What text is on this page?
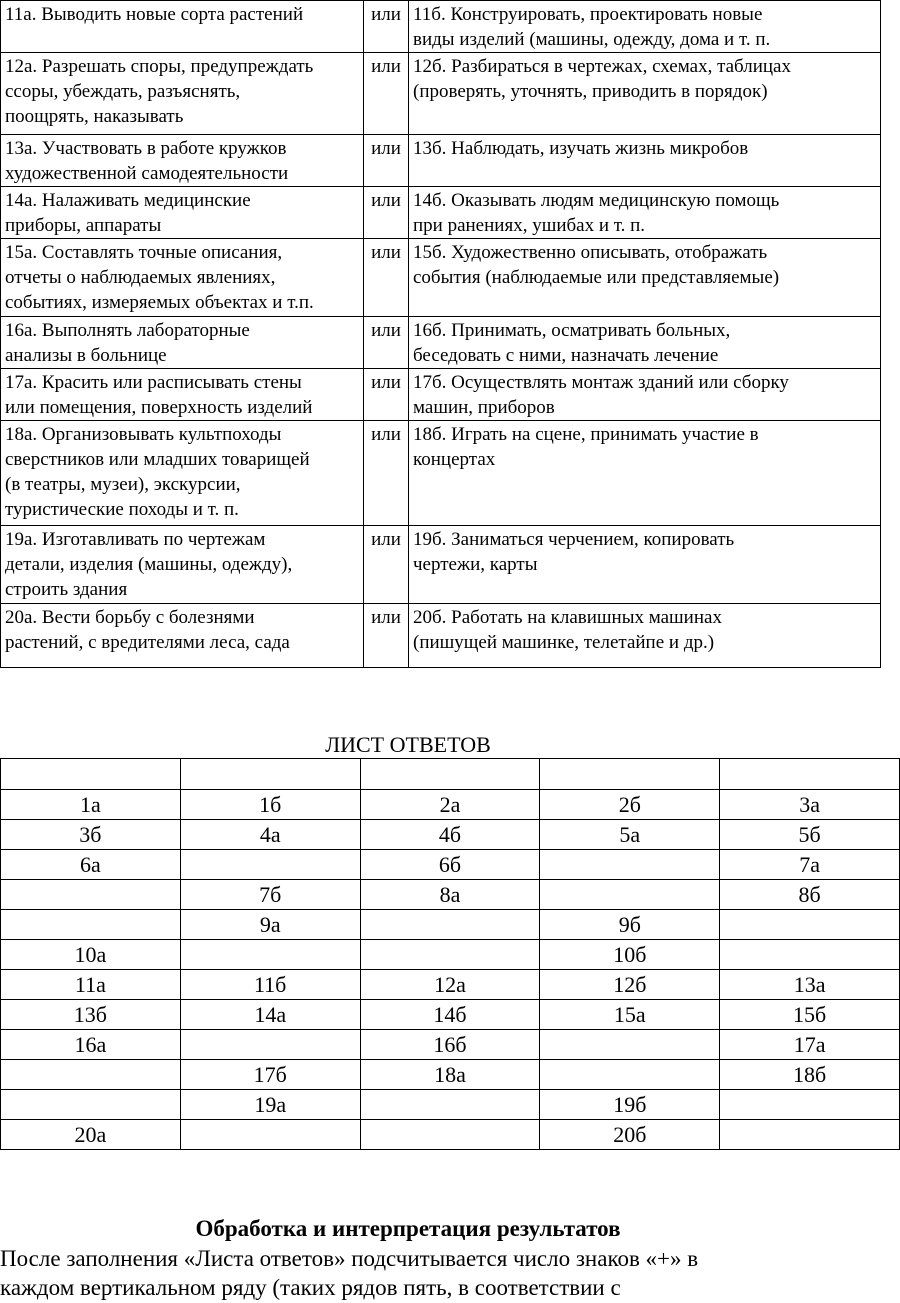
11а. Выводить новые сорта растений	или	11б. Конструировать, проектировать новые
виды изделий (машины, одежду, дома и т. п.

12а. Разрешать споры, предупреждать
ссоры, убеждать, разъяснять,
поощрять, наказывать	или	12б. Разбираться в чертежах, схемах, таблицах
(проверять, уточнять, приводить в порядок)

13а. Участвовать в работе кружков
художественной самодеятельности	или	13б. Наблюдать, изучать жизнь микробов

14а. Налаживать медицинские
приборы, аппараты	или	14б. Оказывать людям медицинскую помощь
при ранениях, ушибах и т. п.

15а. Составлять точные описания,
отчеты о наблюдаемых явлениях,
событиях, измеряемых объектах и т.п.	или	15б. Художественно описывать, отображать
события (наблюдаемые или представляемые)

16а. Выполнять лабораторные
анализы в больнице	или	16б. Принимать, осматривать больных,
беседовать с ними, назначать лечение

17а. Красить или расписывать стены
или помещения, поверхность изделий	или	17б. Осуществлять монтаж зданий или сборку
машин, приборов

18а. Организовывать культпоходы
сверстников или младших товарищей
(в театры, музеи), экскурсии,
туристические походы и т. п.	или	18б. Играть на сцене, принимать участие в
концертах

19а. Изготавливать по чертежам
детали, изделия (машины, одежду),
строить здания	или	19б. Заниматься черчением, копировать
чертежи, карты

20а. Вести борьбу с болезнями
растений, с вредителями леса, сада	или	20б. Работать на клавишных машинах
(пишущей машинке, телетайпе и др.)
ЛИСТ ОТВЕТОВ

1а	1б	2а	2б	3а
3б	4а	4б	5а	5б
6а		6б		7а
	7б	8а		8б
	9а		9б	
10а			10б	
11а	11б	12а	12б	13а
13б	14а	14б	15а	15б
16а		16б		17а
	17б	18а		18б
	19а		19б	
20а			20б	
Обработка и интерпретация результатов
После заполнения «Листа ответов» подсчитывается число знаков «+» в
каждом вертикальном ряду (таких рядов пять, в соответствии с
